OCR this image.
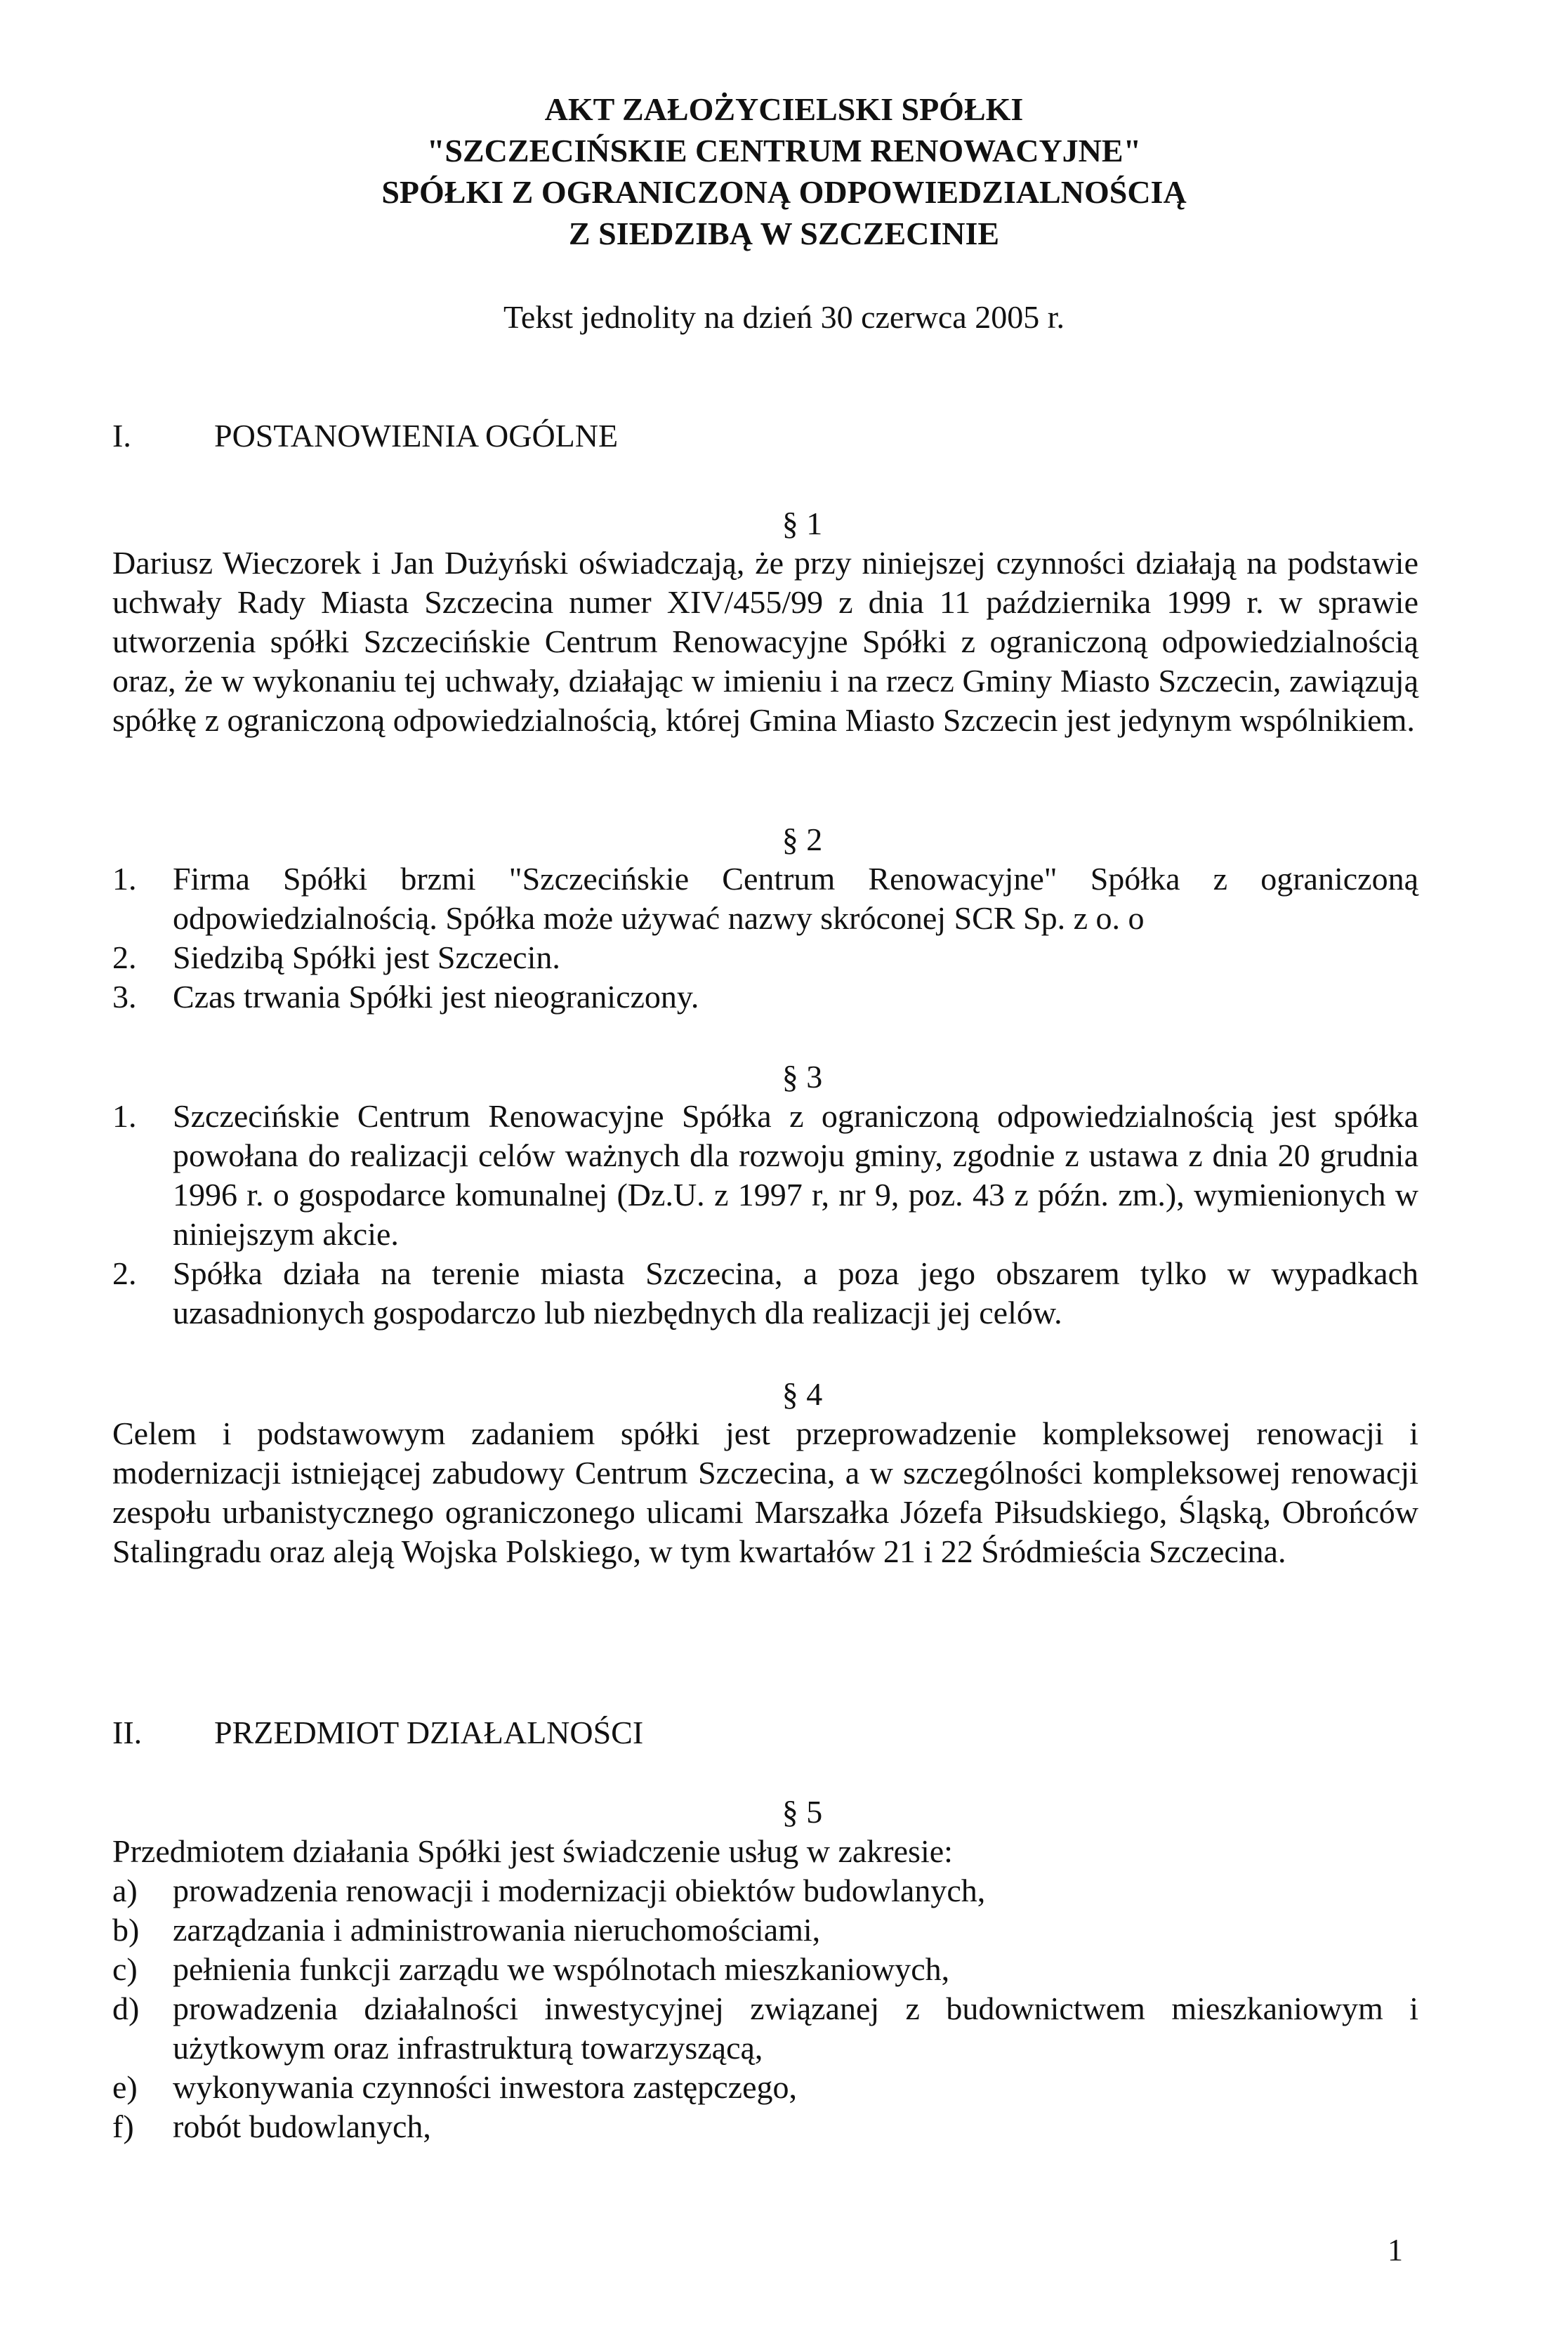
AKT ZAŁOŻYCIELSKI SPÓŁKI
"SZCZECIŃSKIE CENTRUM RENOWACYJNE"
SPÓŁKI Z OGRANICZONĄ ODPOWIEDZIALNOŚCIĄ
Z SIEDZIBĄ W SZCZECINIE
Tekst jednolity na dzień 30 czerwca 2005 r.
I.	POSTANOWIENIA OGÓLNE
§ 1

Dariusz Wieczorek i Jan Dużyński oświadczają, że przy niniejszej czynności działają na podstawie uchwały Rady Miasta Szczecina numer XIV/455/99 z dnia 11 października 1999 r. w sprawie utworzenia spółki Szczecińskie Centrum Renowacyjne Spółki z ograniczoną odpowiedzialnością oraz, że w wykonaniu tej uchwały, działając w imieniu i na rzecz Gminy Miasto Szczecin, zawiązują spółkę z ograniczoną odpowiedzialnością, której Gmina Miasto Szczecin jest jedynym wspólnikiem.

§ 2
1. Firma Spółki brzmi "Szczecińskie Centrum Renowacyjne" Spółka z ograniczoną odpowiedzialnością. Spółka może używać nazwy skróconej SCR Sp. z o. o
2. Siedzibą Spółki jest Szczecin.
3. Czas trwania Spółki jest nieograniczony.
§ 3
1. Szczecińskie Centrum Renowacyjne Spółka z ograniczoną odpowiedzialnością jest spółka powołana do realizacji celów ważnych dla rozwoju gminy, zgodnie z ustawa z dnia 20 grudnia 1996 r. o gospodarce komunalnej (Dz.U. z 1997 r, nr 9, poz. 43 z późn. zm.), wymienionych w niniejszym akcie.
2. Spółka działa na terenie miasta Szczecina, a poza jego obszarem tylko w wypadkach uzasadnionych gospodarczo lub niezbędnych dla realizacji jej celów.
§ 4

Celem i podstawowym zadaniem spółki jest przeprowadzenie kompleksowej renowacji i modernizacji istniejącej zabudowy Centrum Szczecina, a w szczególności kompleksowej renowacji zespołu urbanistycznego ograniczonego ulicami Marszałka Józefa Piłsudskiego, Śląską, Obrońców Stalingradu oraz aleją Wojska Polskiego, w tym kwartałów 21 i 22 Śródmieścia Szczecina.

II. PRZEDMIOT DZIAŁALNOŚCI
§ 5

Przedmiotem działania Spółki jest świadczenie usług w zakresie:

a) prowadzenia renowacji i modernizacji obiektów budowlanych,
b) zarządzania i administrowania nieruchomościami,
c) pełnienia funkcji zarządu we wspólnotach mieszkaniowych,
d) prowadzenia działalności inwestycyjnej związanej z budownictwem mieszkaniowym i użytkowym oraz infrastrukturą towarzyszącą,
e) wykonywania czynności inwestora zastępczego,
f) robót budowlanych,
1
